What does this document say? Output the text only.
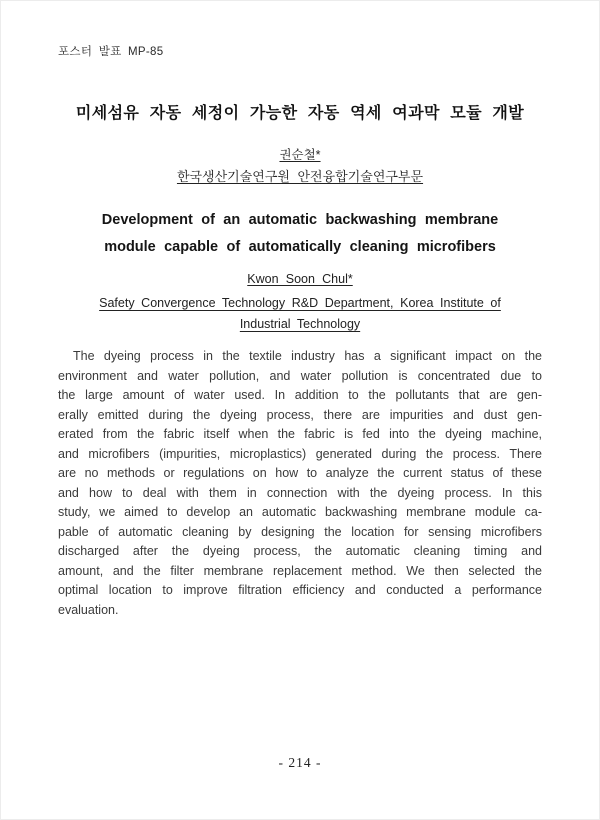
포스터 발표 MP-85
미세섬유 자동 세정이 가능한 자동 역세 여과막 모듈 개발
권순철*
한국생산기술연구원 안전융합기술연구부문
Development of an automatic backwashing membrane
module capable of automatically cleaning microfibers
Kwon Soon Chul*
Safety Convergence Technology R&D Department, Korea Institute of
Industrial Technology
The dyeing process in the textile industry has a significant impact on the
environment and water pollution, and water pollution is concentrated due to
the large amount of water used. In addition to the pollutants that are gen-
erally emitted during the dyeing process, there are impurities and dust gen-
erated from the fabric itself when the fabric is fed into the dyeing machine,
and microfibers (impurities, microplastics) generated during the process. There
are no methods or regulations on how to analyze the current status of these
and how to deal with them in connection with the dyeing process. In this
study, we aimed to develop an automatic backwashing membrane module ca-
pable of automatic cleaning by designing the location for sensing microfibers
discharged after the dyeing process, the automatic cleaning timing and
amount, and the filter membrane replacement method. We then selected the
optimal location to improve filtration efficiency and conducted a performance
evaluation.
- 214 -
